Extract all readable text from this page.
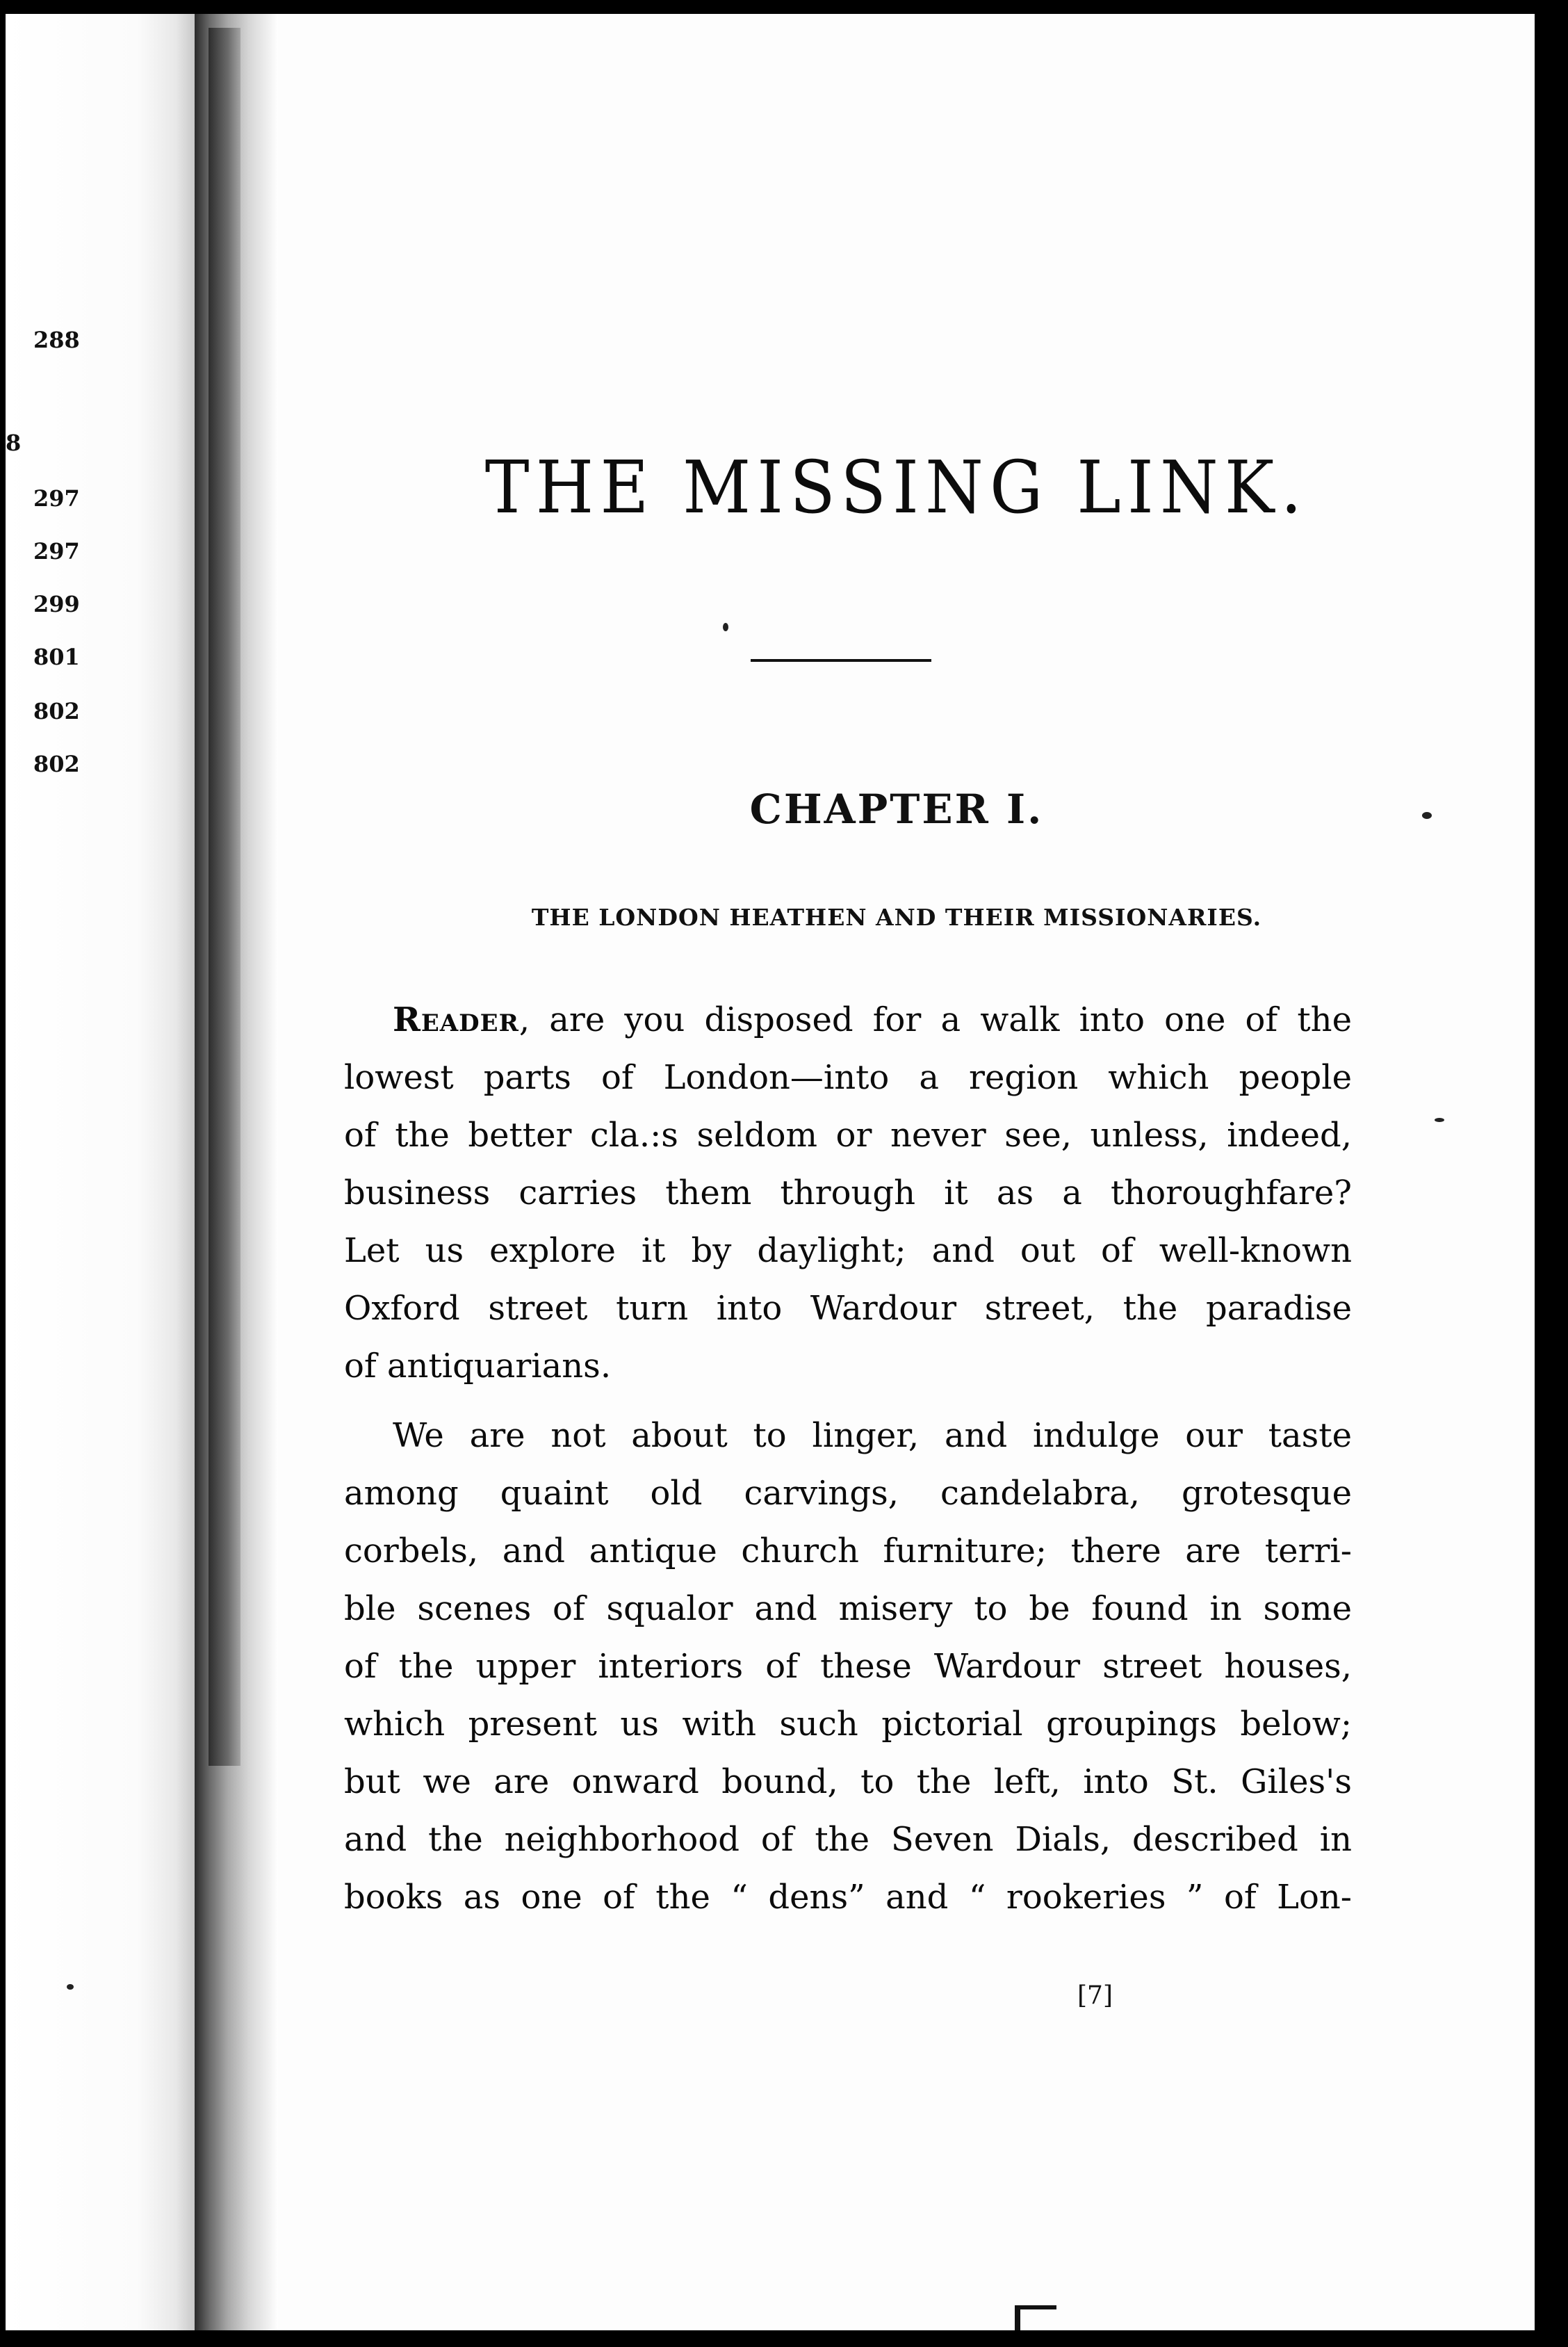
288
8
297
297
299
801
802
802
THE MISSING LINK.
CHAPTER I.
THE LONDON HEATHEN AND THEIR MISSIONARIES.
Reader, are you disposed for a walk into one of the
lowest parts of London—into a region which people
of the better cla.:s seldom or never see, unless, indeed,
business carries them through it as a thoroughfare?
Let us explore it by daylight; and out of well-known
Oxford street turn into Wardour street, the paradise
of antiquarians.
We are not about to linger, and indulge our taste
among quaint old carvings, candelabra, grotesque
corbels, and antique church furniture; there are terri-
ble scenes of squalor and misery to be found in some
of the upper interiors of these Wardour street houses,
which present us with such pictorial groupings below;
but we are onward bound, to the left, into St. Giles's
and the neighborhood of the Seven Dials, described in
books as one of the “ dens” and “ rookeries ” of Lon-

[7]
